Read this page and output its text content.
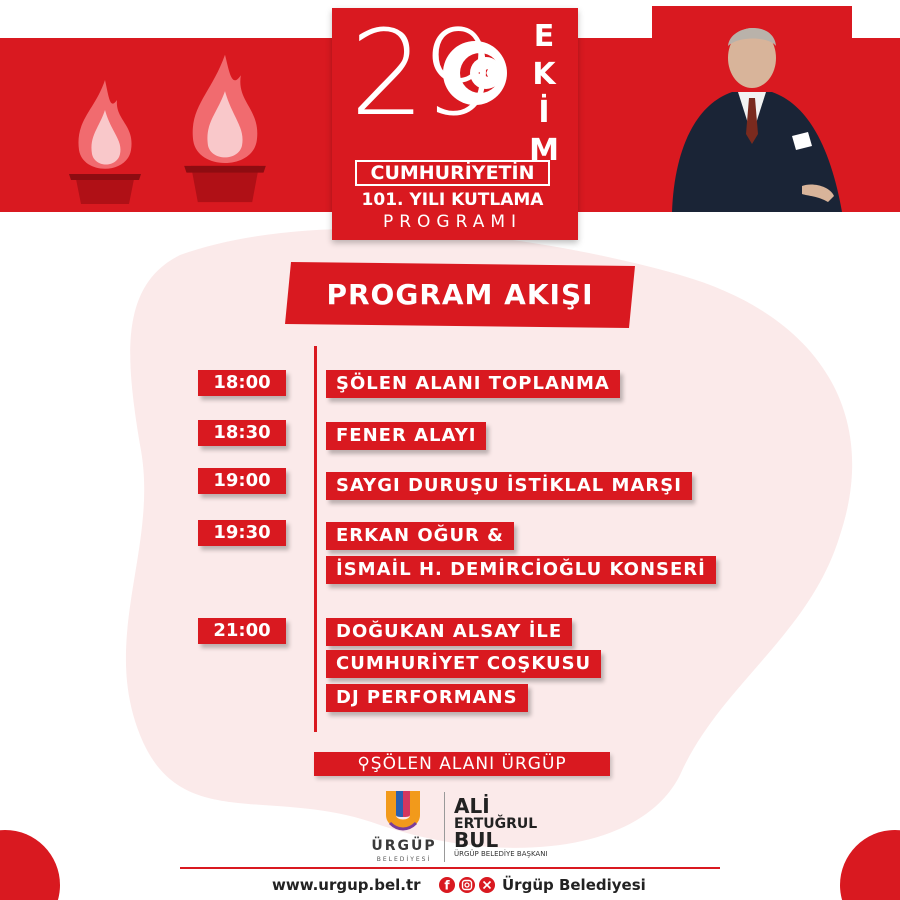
29	E
K
İ
M
CUMHURİYETİN
101. YILI KUTLAMA
PROGRAMI
PROGRAM AKIŞI
18:00	ŞÖLEN ALANI TOPLANMA
18:30	FENER ALAYI
19:00	SAYGI DURUŞU İSTİKLAL MARŞI
19:30	ERKAN OĞUR &
İSMAİL H. DEMİRCİOĞLU KONSERİ
21:00	DOĞUKAN ALSAY İLE
CUMHURİYET COŞKUSU
DJ PERFORMANS
⚲ŞÖLEN ALANI ÜRGÜP
ÜRGÜP
BELEDİYESİ
ALİ
ERTUĞRUL
BUL
ÜRGÜP BELEDİYE BAŞKANI
www.urgup.bel.tr f	Ürgüp Belediyesi
